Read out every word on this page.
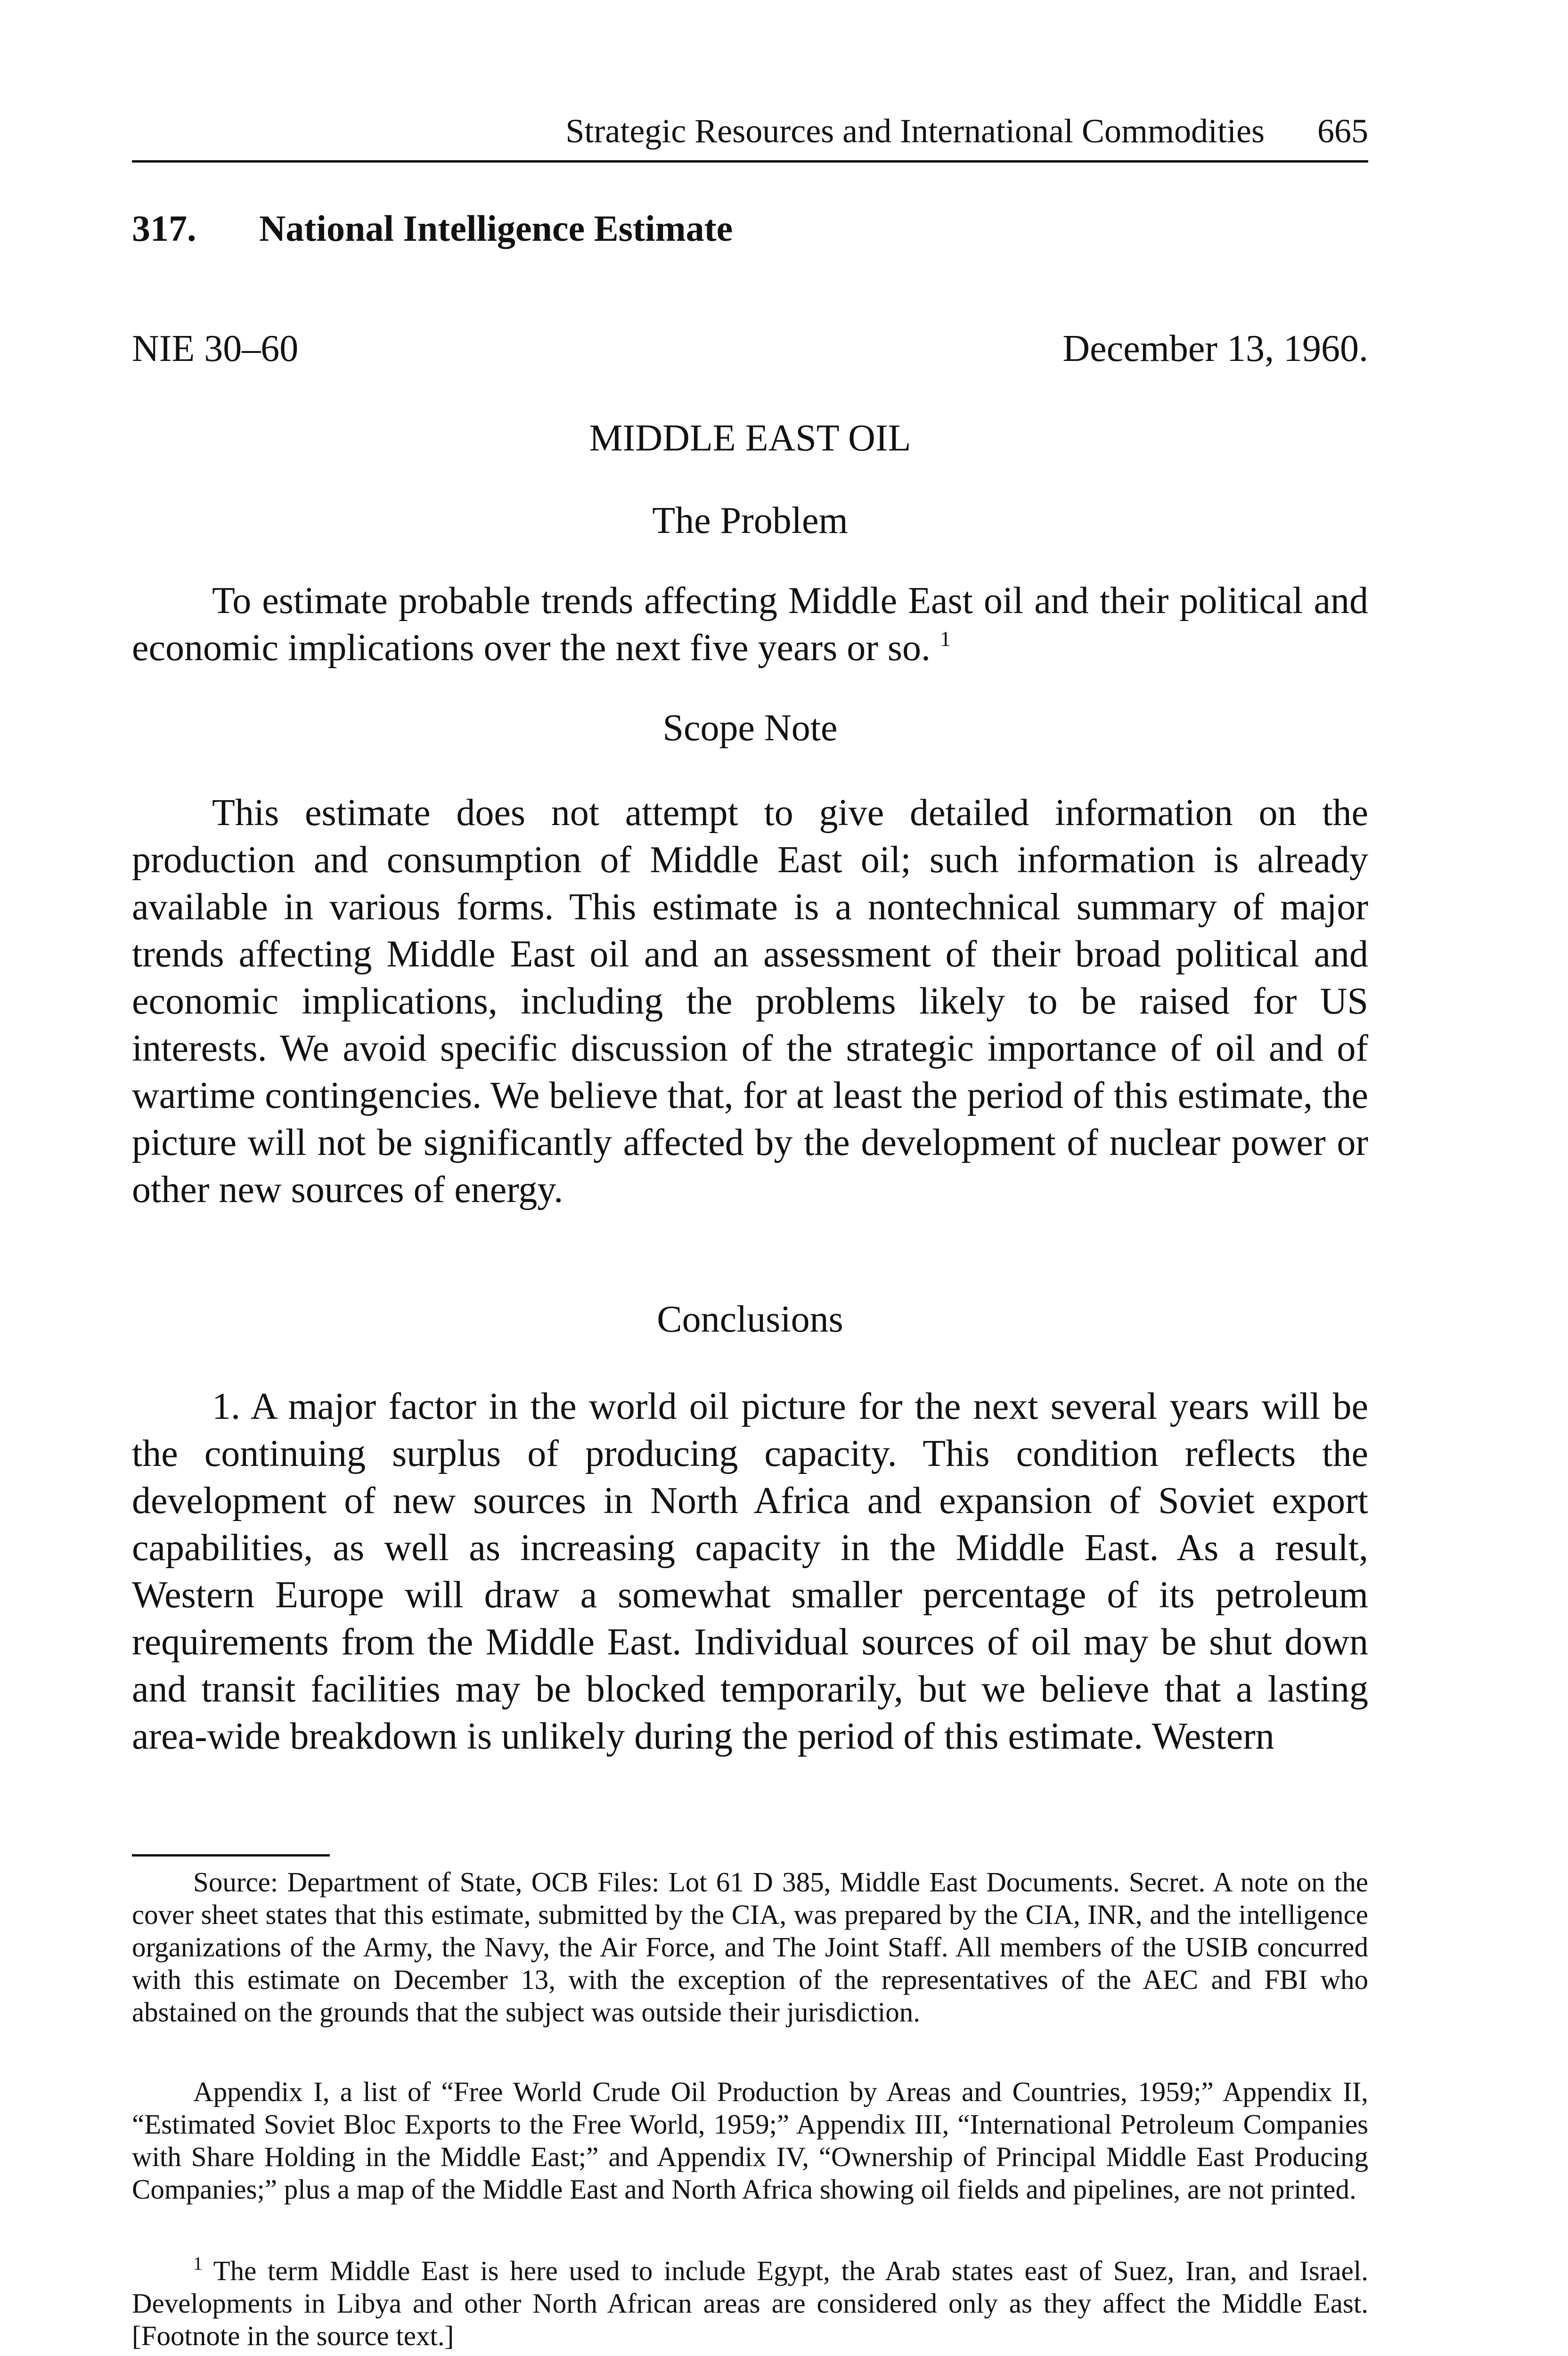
Strategic Resources and International Commodities 665
317. National Intelligence Estimate
NIE 30–60	December 13, 1960.
MIDDLE EAST OIL
The Problem
To estimate probable trends affecting Middle East oil and their political and economic implications over the next five years or so. $^1$
Scope Note
This estimate does not attempt to give detailed information on the production and consumption of Middle East oil; such information is already available in various forms. This estimate is a nontechnical summary of major trends affecting Middle East oil and an assessment of their broad political and economic implications, including the problems likely to be raised for US interests. We avoid specific discussion of the strategic importance of oil and of wartime contingencies. We believe that, for at least the period of this estimate, the picture will not be significantly affected by the development of nuclear power or other new sources of energy.
Conclusions
1. A major factor in the world oil picture for the next several years will be the continuing surplus of producing capacity. This condition reflects the development of new sources in North Africa and expansion of Soviet export capabilities, as well as increasing capacity in the Middle East. As a result, Western Europe will draw a somewhat smaller percentage of its petroleum requirements from the Middle East. Individual sources of oil may be shut down and transit facilities may be blocked temporarily, but we believe that a lasting area-wide breakdown is unlikely during the period of this estimate. Western
Source: Department of State, OCB Files: Lot 61 D 385, Middle East Documents. Secret. A note on the cover sheet states that this estimate, submitted by the CIA, was prepared by the CIA, INR, and the intelligence organizations of the Army, the Navy, the Air Force, and The Joint Staff. All members of the USIB concurred with this estimate on December 13, with the exception of the representatives of the AEC and FBI who abstained on the grounds that the subject was outside their jurisdiction.
Appendix I, a list of “Free World Crude Oil Production by Areas and Countries, 1959;” Appendix II, “Estimated Soviet Bloc Exports to the Free World, 1959;” Appendix III, “International Petroleum Companies with Share Holding in the Middle East;” and Appendix IV, “Ownership of Principal Middle East Producing Companies;” plus a map of the Middle East and North Africa showing oil fields and pipelines, are not printed.
$^1$ The term Middle East is here used to include Egypt, the Arab states east of Suez, Iran, and Israel. Developments in Libya and other North African areas are considered only as they affect the Middle East. [Footnote in the source text.]
